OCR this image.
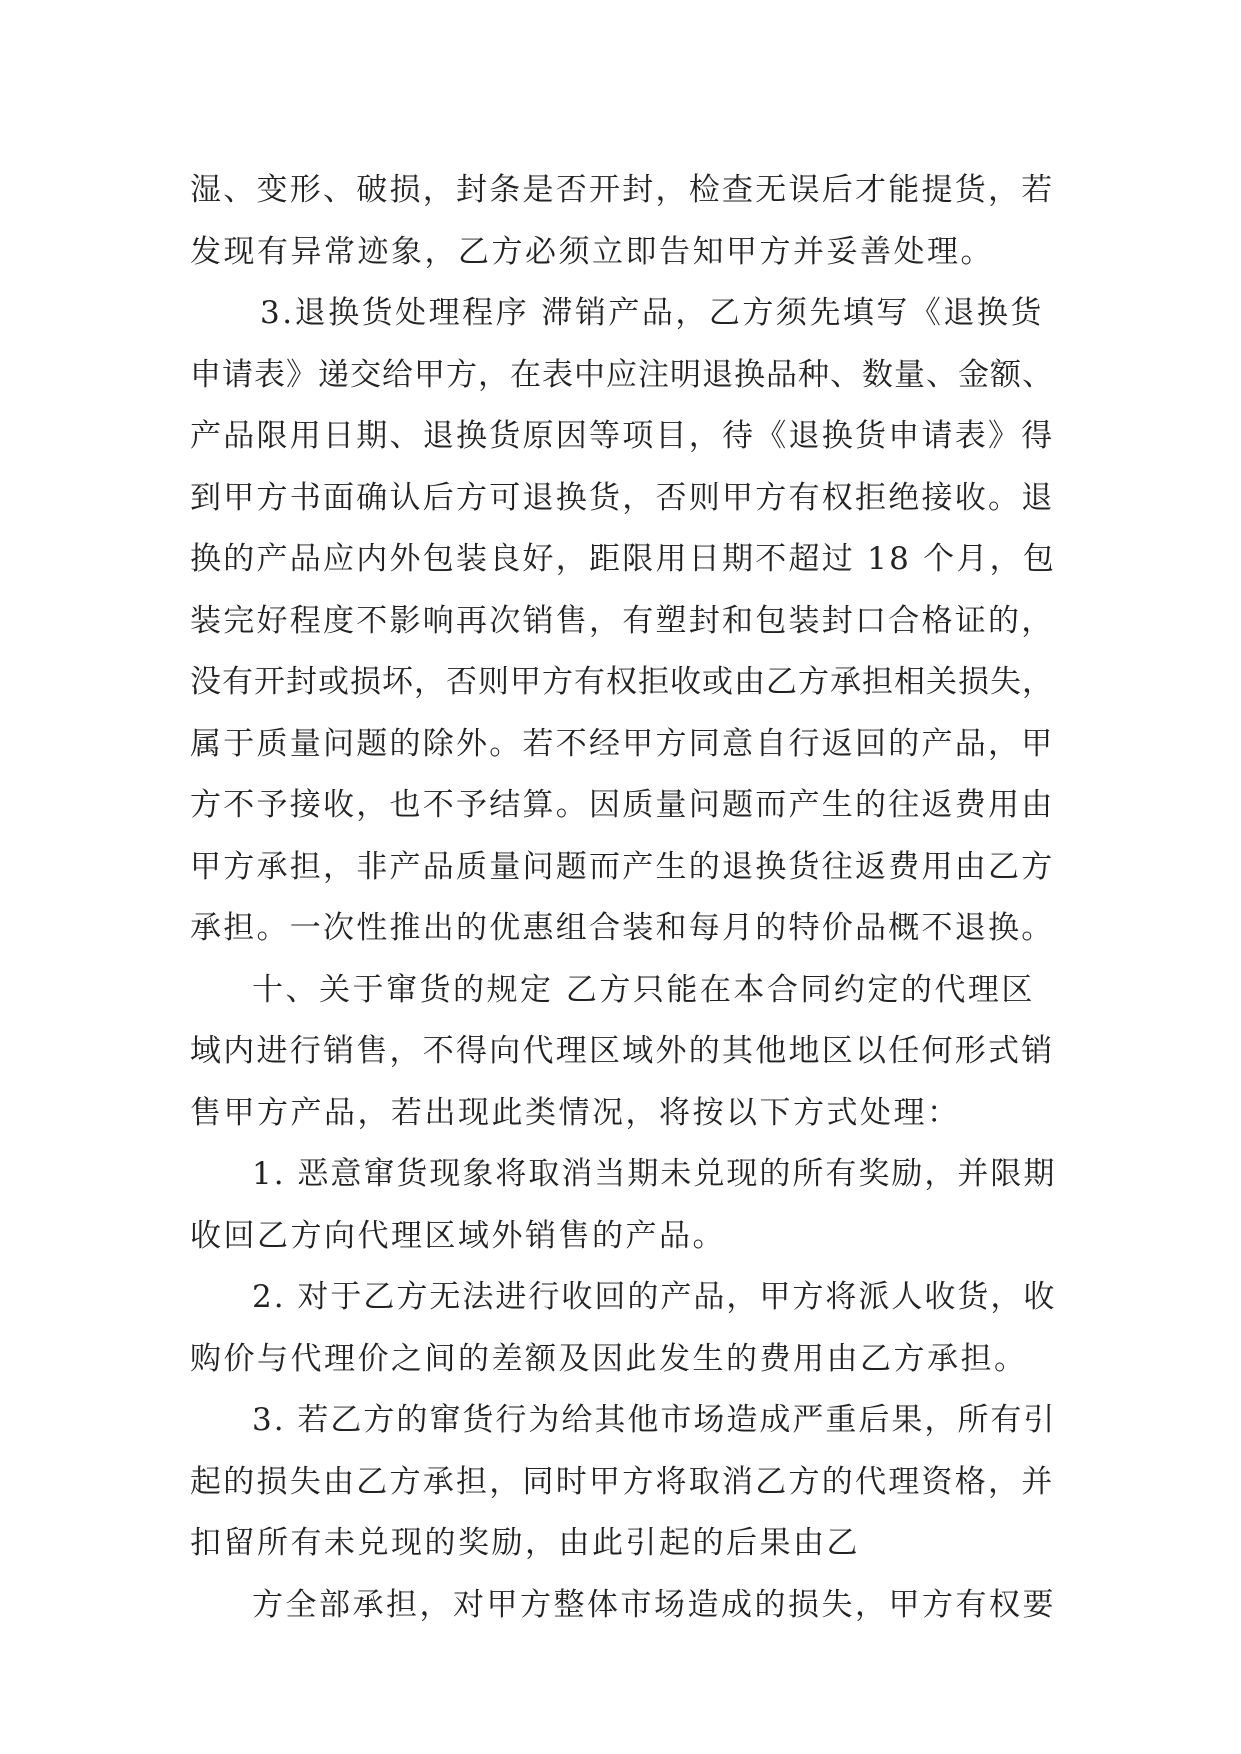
湿、变形、破损，封条是否开封，检查无误后才能提货，若
发现有异常迹象，乙方必须立即告知甲方并妥善处理。
3.退换货处理程序 滞销产品，乙方须先填写《退换货
申请表》递交给甲方，在表中应注明退换品种、数量、金额、
产品限用日期、退换货原因等项目，待《退换货申请表》得
到甲方书面确认后方可退换货，否则甲方有权拒绝接收。退
换的产品应内外包装良好，距限用日期不超过 18 个月，包
装完好程度不影响再次销售，有塑封和包装封口合格证的，
没有开封或损坏，否则甲方有权拒收或由乙方承担相关损失，
属于质量问题的除外。若不经甲方同意自行返回的产品，甲
方不予接收，也不予结算。因质量问题而产生的往返费用由
甲方承担，非产品质量问题而产生的退换货往返费用由乙方
承担。一次性推出的优惠组合装和每月的特价品概不退换。
十、关于窜货的规定 乙方只能在本合同约定的代理区
域内进行销售，不得向代理区域外的其他地区以任何形式销
售甲方产品，若出现此类情况，将按以下方式处理：
1. 恶意窜货现象将取消当期未兑现的所有奖励，并限期
收回乙方向代理区域外销售的产品。
2. 对于乙方无法进行收回的产品，甲方将派人收货，收
购价与代理价之间的差额及因此发生的费用由乙方承担。
3. 若乙方的窜货行为给其他市场造成严重后果，所有引
起的损失由乙方承担，同时甲方将取消乙方的代理资格，并
扣留所有未兑现的奖励，由此引起的后果由乙
方全部承担，对甲方整体市场造成的损失，甲方有权要
